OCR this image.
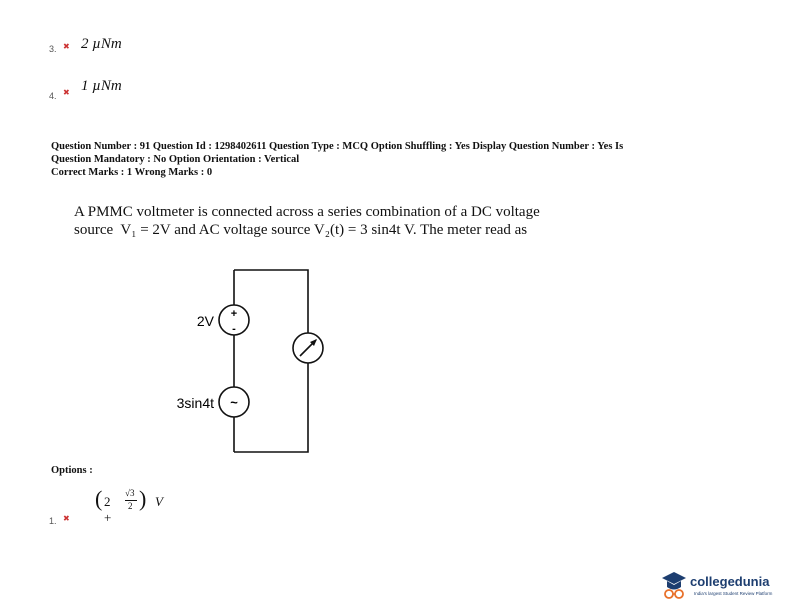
3. ✖ 2 µNm
4. ✖ 1 µNm
Question Number : 91 Question Id : 1298402611 Question Type : MCQ Option Shuffling : Yes Display Question Number : Yes Is
Question Mandatory : No Option Orientation : Vertical
Correct Marks : 1 Wrong Marks : 0
A PMMC voltmeter is connected across a series combination of a DC voltage
source  V₁ = 2V and AC voltage source V₂(t) = 3 sin4t V. The meter read as
+
-
~
2V
3sin4t
Options :
1. ✖
( 2 +
√3
2 ) V
collegedunia
India's largest Student Review Platform
